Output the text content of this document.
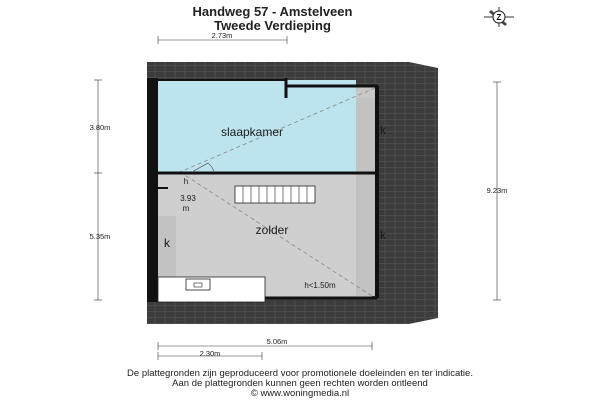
Handweg 57 - Amstelveen
Tweede Verdieping
Z
slaapkamer
zolder
k
k
k
h<1.50m
h
3.93
m
2.73m
3.80m
5.35m
9.23m
5.06m
2.30m
De plattegronden zijn geproduceerd voor promotionele doeleinden en ter indicatie.
Aan de plattegronden kunnen geen rechten worden ontleend
© www.woningmedia.nl
